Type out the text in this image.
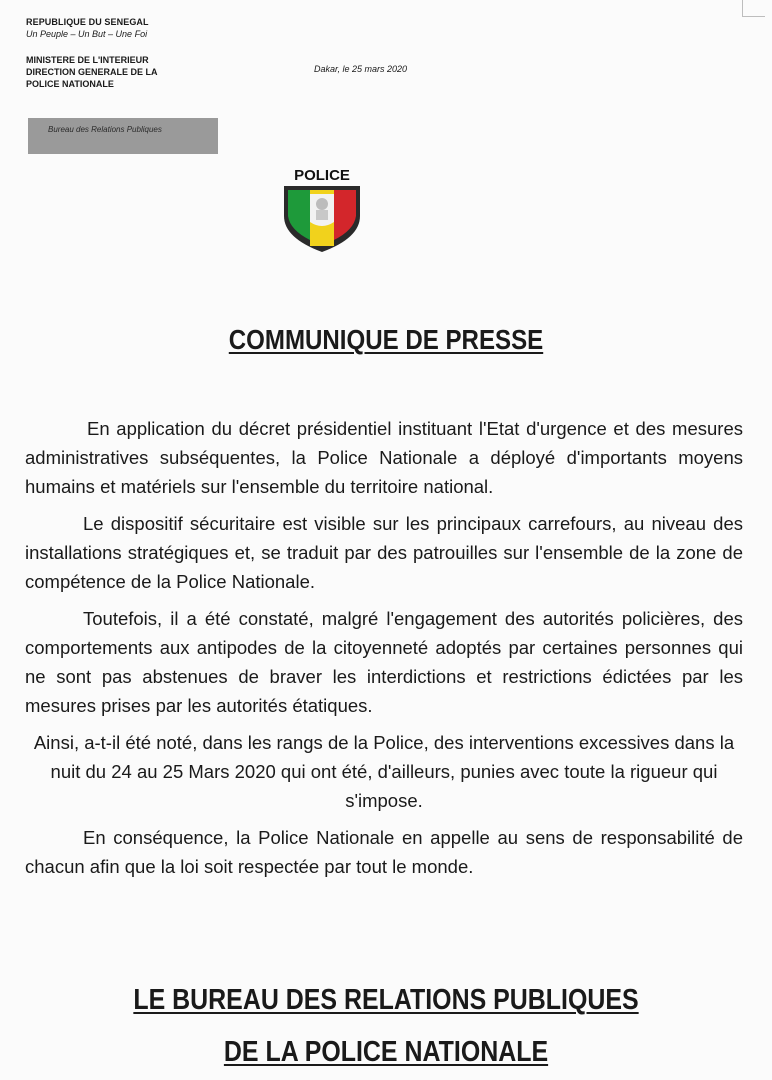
REPUBLIQUE DU SENEGAL
Un Peuple – Un But – Une Foi
MINISTERE DE L'INTERIEUR
DIRECTION GENERALE DE LA
POLICE NATIONALE
Dakar, le 25 mars 2020
Bureau des Relations Publiques
POLICE
COMMUNIQUE DE PRESSE

En application du décret présidentiel instituant l'Etat d'urgence et des mesures administratives subséquentes, la Police Nationale a déployé d'importants moyens humains et matériels sur l'ensemble du territoire national.

Le dispositif sécuritaire est visible sur les principaux carrefours, au niveau des installations stratégiques et, se traduit par des patrouilles sur l'ensemble de la zone de compétence de la Police Nationale.

Toutefois, il a été constaté, malgré l'engagement des autorités policières, des comportements aux antipodes de la citoyenneté adoptés par certaines personnes qui ne sont pas abstenues de braver les interdictions et restrictions édictées par les mesures prises par les autorités étatiques.

Ainsi, a-t-il été noté, dans les rangs de la Police, des interventions excessives dans la nuit du 24 au 25 Mars 2020 qui ont été, d'ailleurs, punies avec toute la rigueur qui s'impose.

En conséquence, la Police Nationale en appelle au sens de responsabilité de chacun afin que la loi soit respectée par tout le monde.

LE BUREAU DES RELATIONS PUBLIQUES
DE LA POLICE NATIONALE
